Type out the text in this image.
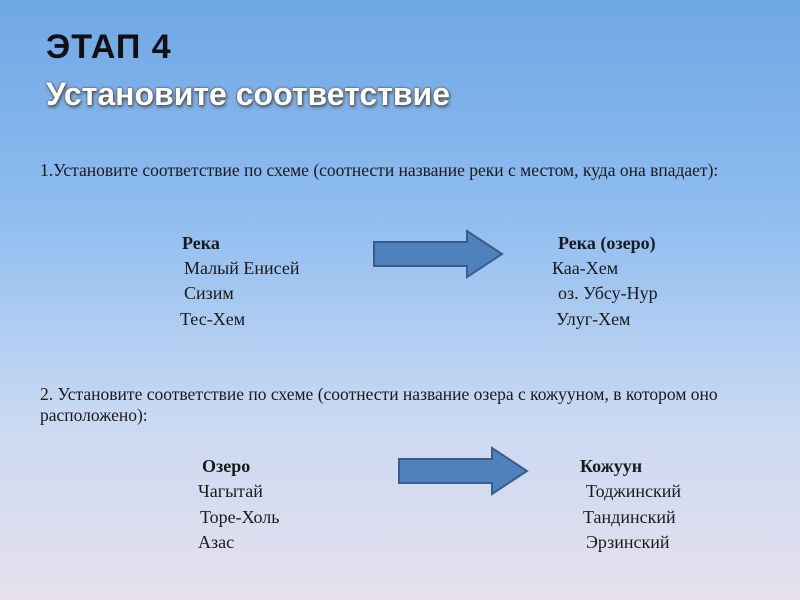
ЭТАП 4
Установите соответствие
1.Установите соответствие по схеме (соотнести название реки с местом, куда она впадает):
Река
Малый Енисей
Сизим
Тес-Хем
Река (озеро)
Каа-Хем
оз. Убсу-Нур
Улуг-Хем
2. Установите соответствие по схеме (соотнести название озера с кожууном, в котором оно расположено):
Озеро
Чагытай
Торе-Холь
Азас
Кожуун
Тоджинский
Тандинский
Эрзинский
